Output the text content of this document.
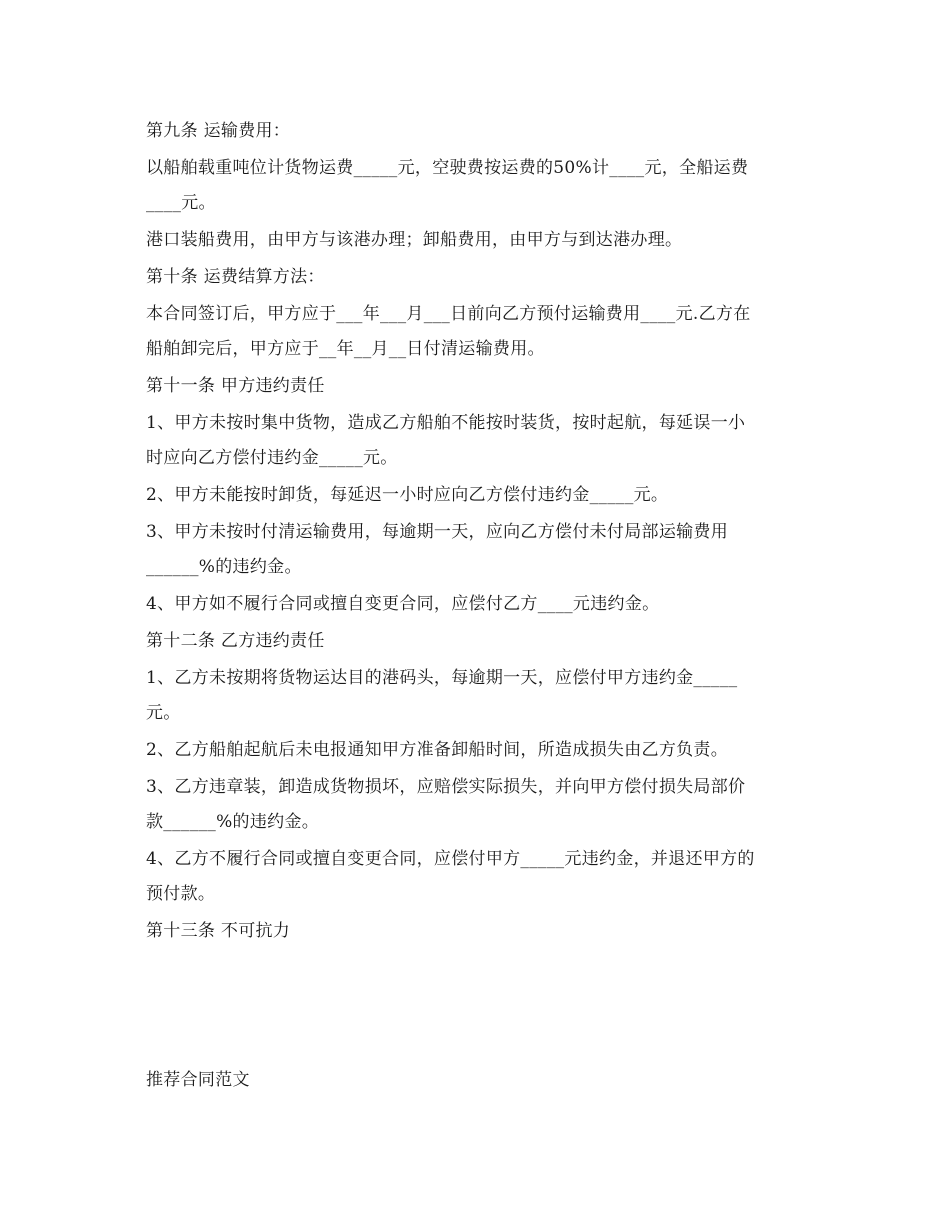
第九条 运输费用：
以船舶载重吨位计货物运费_____元，空驶费按运费的50%计____元，全船运费
____元。
港口装船费用，由甲方与该港办理；卸船费用，由甲方与到达港办理。
第十条 运费结算方法：
本合同签订后，甲方应于___年___月___日前向乙方预付运输费用____元.乙方在
船舶卸完后，甲方应于__年__月__日付清运输费用。
第十一条 甲方违约责任
1、甲方未按时集中货物，造成乙方船舶不能按时装货，按时起航，每延误一小
时应向乙方偿付违约金_____元。
2、甲方未能按时卸货，每延迟一小时应向乙方偿付违约金_____元。
3、甲方未按时付清运输费用，每逾期一天，应向乙方偿付未付局部运输费用
______%的违约金。
4、甲方如不履行合同或擅自变更合同，应偿付乙方____元违约金。
第十二条 乙方违约责任
1、乙方未按期将货物运达目的港码头，每逾期一天，应偿付甲方违约金_____
元。
2、乙方船舶起航后未电报通知甲方准备卸船时间，所造成损失由乙方负责。
3、乙方违章装，卸造成货物损坏，应赔偿实际损失，并向甲方偿付损失局部价
款______%的违约金。
4、乙方不履行合同或擅自变更合同，应偿付甲方_____元违约金，并退还甲方的
预付款。
第十三条 不可抗力
推荐合同范文
